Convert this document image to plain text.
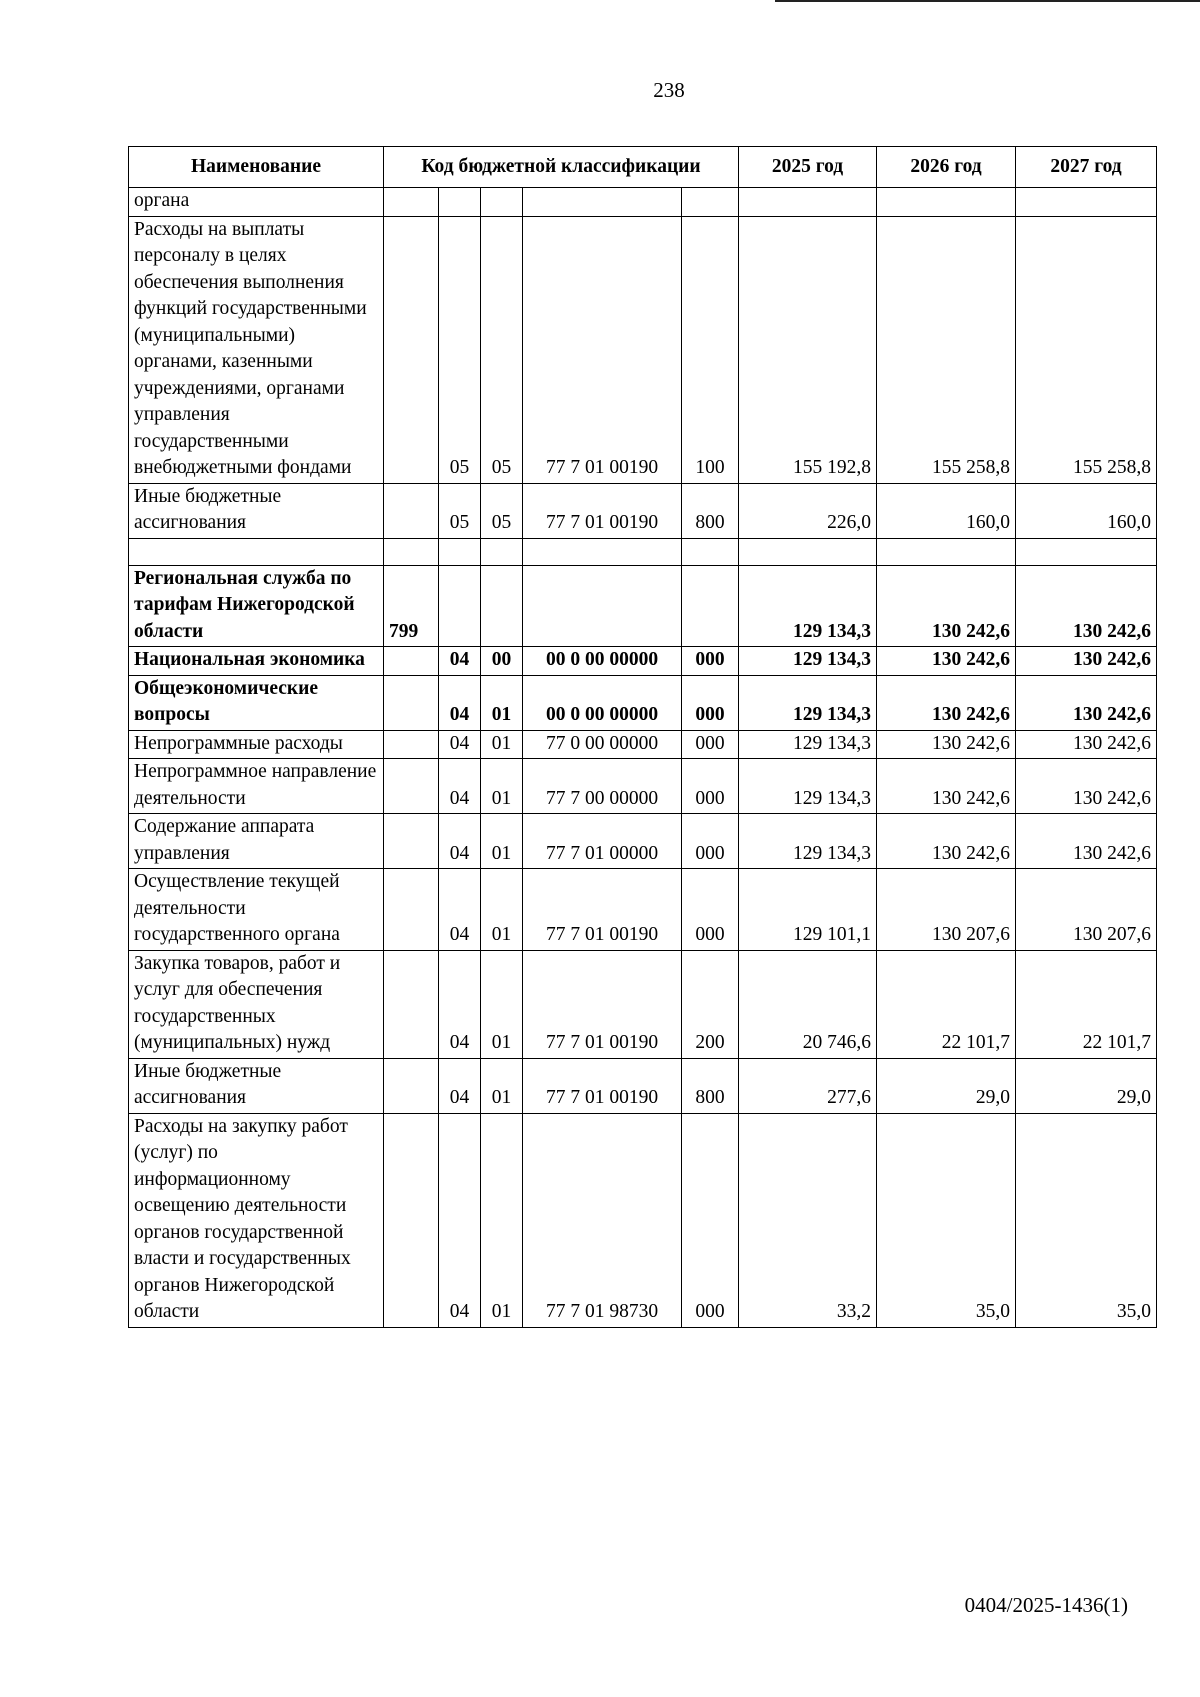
238
Наименование	Код бюджетной классификации					2025 год	2026 год	2027 год
органа								
Расходы на выплаты персоналу в целях обеспечения выполнения функций государственными (муниципальными) органами, казенными учреждениями, органами управления государственными внебюджетными фондами		05	05	77 7 01 00190	100	155 192,8	155 258,8	155 258,8
Иные бюджетные ассигнования		05	05	77 7 01 00190	800	226,0	160,0	160,0

Региональная служба по тарифам Нижегородской области	799					129 134,3	130 242,6	130 242,6
Национальная экономика		04	00	00 0 00 00000	000	129 134,3	130 242,6	130 242,6
Общеэкономические вопросы		04	01	00 0 00 00000	000	129 134,3	130 242,6	130 242,6
Непрограммные расходы		04	01	77 0 00 00000	000	129 134,3	130 242,6	130 242,6
Непрограммное направление деятельности		04	01	77 7 00 00000	000	129 134,3	130 242,6	130 242,6
Содержание аппарата управления		04	01	77 7 01 00000	000	129 134,3	130 242,6	130 242,6
Осуществление текущей деятельности государственного органа		04	01	77 7 01 00190	000	129 101,1	130 207,6	130 207,6
Закупка товаров, работ и услуг для обеспечения государственных (муниципальных) нужд		04	01	77 7 01 00190	200	20 746,6	22 101,7	22 101,7
Иные бюджетные ассигнования		04	01	77 7 01 00190	800	277,6	29,0	29,0
Расходы на закупку работ (услуг) по информационному освещению деятельности органов государственной власти и государственных органов Нижегородской области		04	01	77 7 01 98730	000	33,2	35,0	35,0
0404/2025-1436(1)
